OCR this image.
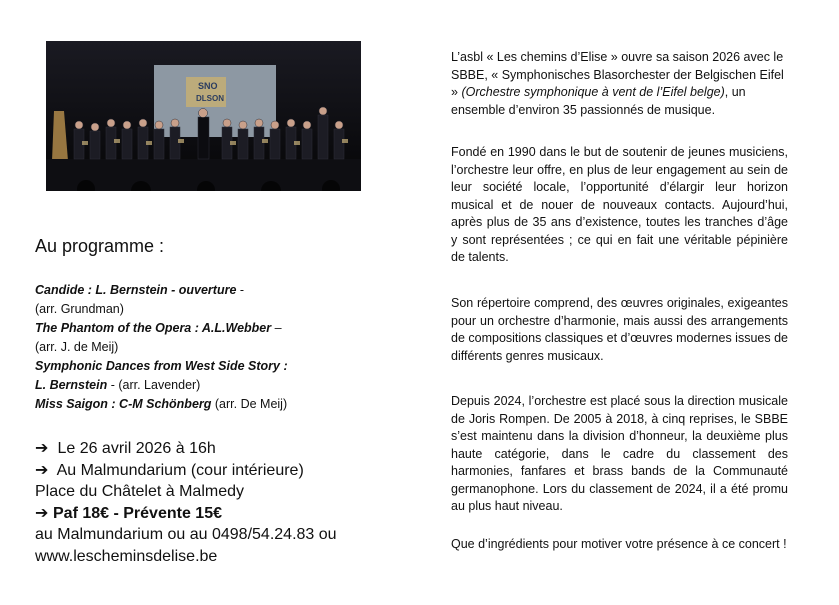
SNO
DLSON
Au programme :
Candide : L. Bernstein - ouverture -
(arr. Grundman)
The Phantom of the Opera : A.L.Webber –
(arr. J. de Meij)
Symphonic Dances from West Side Story :
L. Bernstein - (arr. Lavender)
Miss Saigon : C-M Schönberg (arr. De Meij)
➔ Le 26 avril 2026 à 16h
➔ Au Malmundarium (cour intérieure)
Place du Châtelet à Malmedy
➔ Paf 18€ - Prévente 15€
au Malmundarium ou au 0498/54.24.83 ou
www.lescheminsdelise.be

L’asbl « Les chemins d’Elise » ouvre sa saison 2026 avec le SBBE, « Symphonisches Blasorchester der Belgischen Eifel » (Orchestre symphonique à vent de l’Eifel belge), un ensemble d’environ 35 passionnés de musique.

Fondé en 1990 dans le but de soutenir de jeunes musiciens, l’orchestre leur offre, en plus de leur engagement au sein de leur société locale, l’opportunité d’élargir leur horizon musical et de nouer de nouveaux contacts. Aujourd’hui, après plus de 35 ans d’existence, toutes les tranches d’âge y sont représentées ; ce qui en fait une véritable pépinière de talents.

Son répertoire comprend, des œuvres originales, exigeantes pour un orchestre d’harmonie, mais aussi des arrangements de compositions classiques et d’œuvres modernes issues de différents genres musicaux.

Depuis 2024, l’orchestre est placé sous la direction musicale de Joris Rompen. De 2005 à 2018, à cinq reprises, le SBBE s’est maintenu dans la division d’honneur, la deuxième plus haute catégorie, dans le cadre du classement des harmonies, fanfares et brass bands de la Communauté germanophone. Lors du classement de 2024, il a été promu au plus haut niveau.

Que d’ingrédients pour motiver votre présence à ce concert !
